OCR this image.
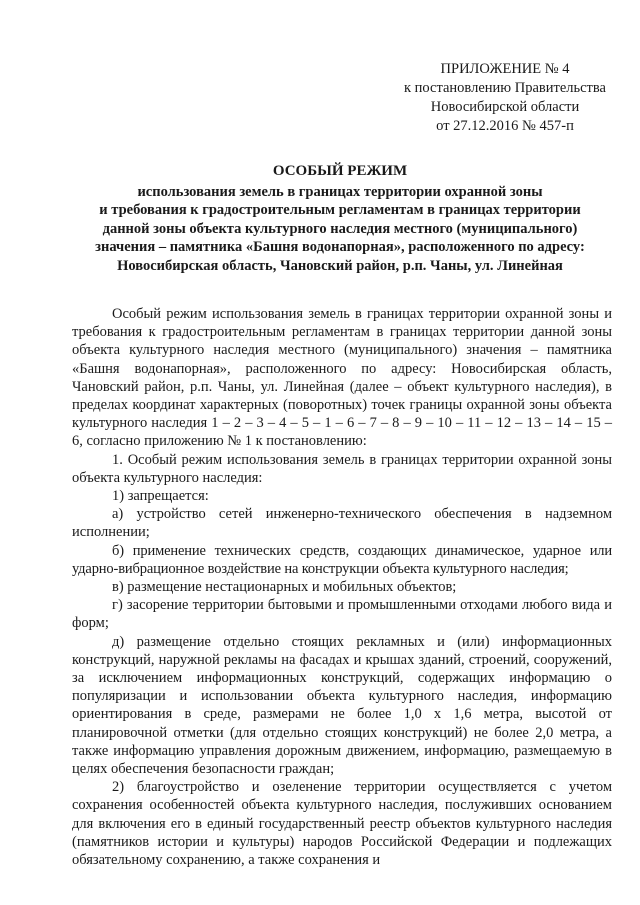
ПРИЛОЖЕНИЕ № 4
к постановлению Правительства
Новосибирской области
от 27.12.2016 № 457-п
ОСОБЫЙ РЕЖИМ
использования земель в границах территории охранной зоны
и требования к градостроительным регламентам в границах территории
данной зоны объекта культурного наследия местного (муниципального)
значения – памятника «Башня водонапорная», расположенного по адресу:
Новосибирская область, Чановский район, р.п. Чаны, ул. Линейная

Особый режим использования земель в границах территории охранной зоны и требования к градостроительным регламентам в границах территории данной зоны объекта культурного наследия местного (муниципального) значения – памятника «Башня водонапорная», расположенного по адресу: Новосибирская область, Чановский район, р.п. Чаны, ул. Линейная (далее – объект культурного наследия), в пределах координат характерных (поворотных) точек границы охранной зоны объекта культурного наследия 1 – 2 – 3 – 4 – 5 – 1 – 6 – 7 – 8 – 9 – 10 – 11 – 12 – 13 – 14 – 15 – 6, согласно приложению № 1 к постановлению:

1. Особый режим использования земель в границах территории охранной зоны объекта культурного наследия:

1) запрещается:

а) устройство сетей инженерно-технического обеспечения в надземном исполнении;

б) применение технических средств, создающих динамическое, ударное или ударно-вибрационное воздействие на конструкции объекта культурного наследия;

в) размещение нестационарных и мобильных объектов;

г) засорение территории бытовыми и промышленными отходами любого вида и форм;

д) размещение отдельно стоящих рекламных и (или) информационных конструкций, наружной рекламы на фасадах и крышах зданий, строений, сооружений, за исключением информационных конструкций, содержащих информацию о популяризации и использовании объекта культурного наследия, информацию ориентирования в среде, размерами не более 1,0 х 1,6 метра, высотой от планировочной отметки (для отдельно стоящих конструкций) не более 2,0 метра, а также информацию управления дорожным движением, информацию, размещаемую в целях обеспечения безопасности граждан;

2) благоустройство и озеленение территории осуществляется с учетом сохранения особенностей объекта культурного наследия, послуживших основанием для включения его в единый государственный реестр объектов культурного наследия (памятников истории и культуры) народов Российской Федерации и подлежащих обязательному сохранению, а также сохранения и
